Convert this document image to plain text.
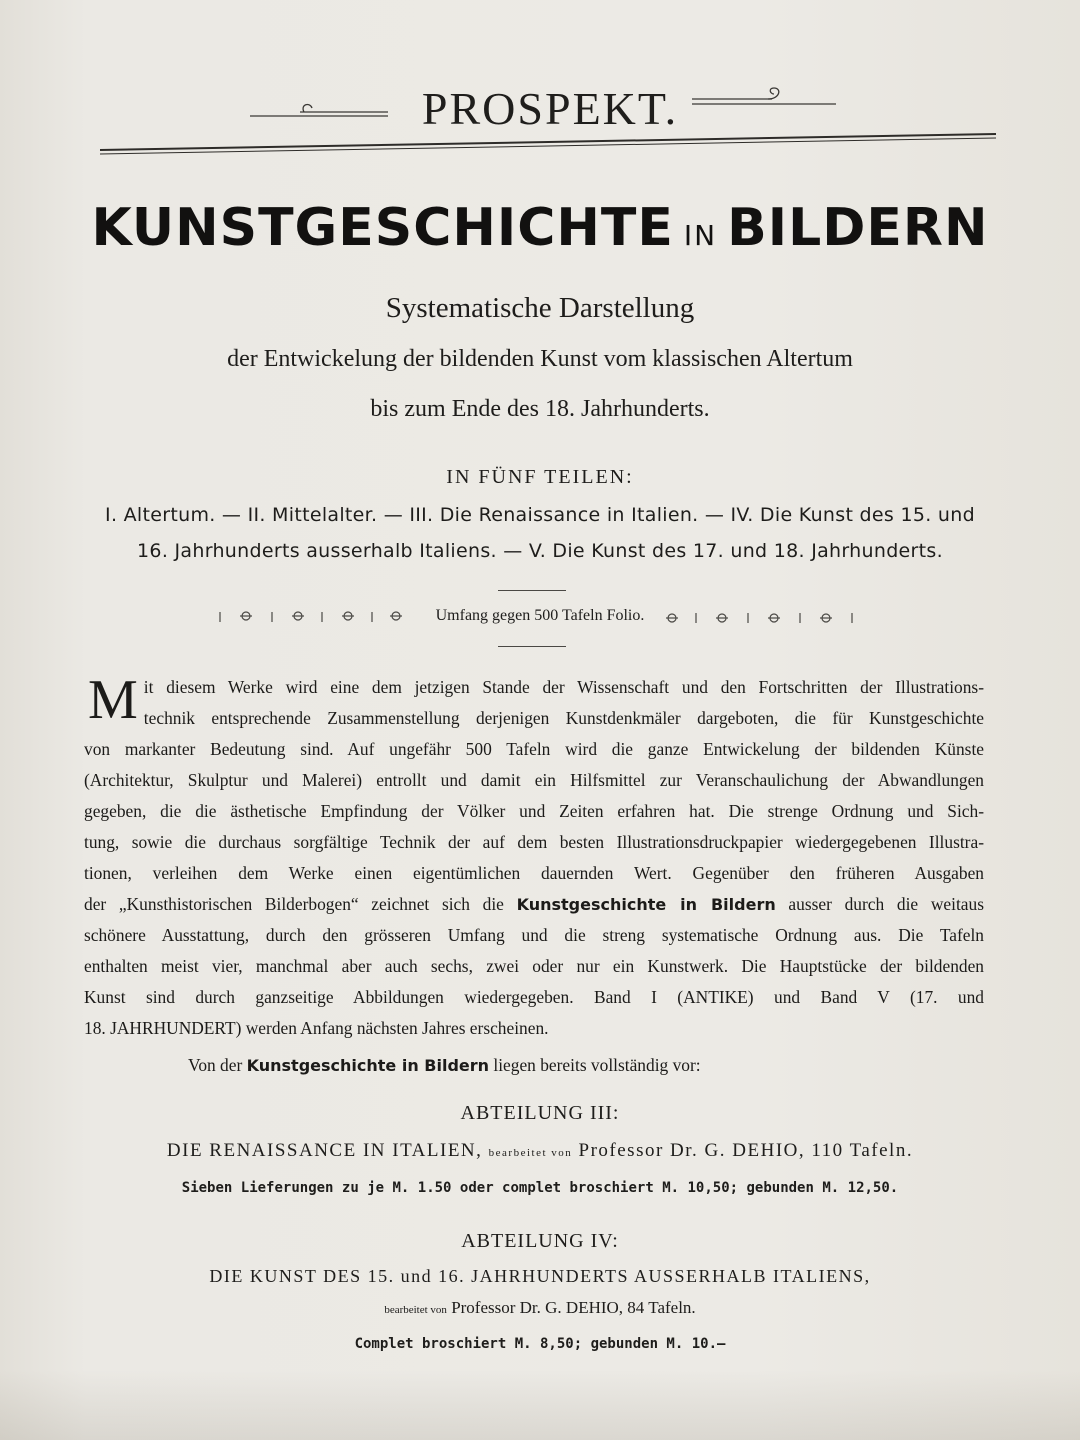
PROSPEKT.
KUNSTGESCHICHTE IN BILDERN
Systematische Darstellung
der Entwickelung der bildenden Kunst vom klassischen Altertum
bis zum Ende des 18. Jahrhunderts.
IN FÜNF TEILEN:
I. Altertum. — II. Mittelalter. — III. Die Renaissance in Italien. — IV. Die Kunst des 15. und
16. Jahrhunderts ausserhalb Italiens. — V. Die Kunst des 17. und 18. Jahrhunderts.
Umfang gegen 500 Tafeln Folio.
M it diesem Werke wird eine dem jetzigen Stande der Wissenschaft und den Fortschritten der Illustrations-
technik entsprechende Zusammenstellung derjenigen Kunstdenkmäler dargeboten, die für Kunstgeschichte
von markanter Bedeutung sind. Auf ungefähr 500 Tafeln wird die ganze Entwickelung der bildenden Künste
(Architektur, Skulptur und Malerei) entrollt und damit ein Hilfsmittel zur Veranschaulichung der Abwandlungen
gegeben, die die ästhetische Empfindung der Völker und Zeiten erfahren hat. Die strenge Ordnung und Sich-
tung, sowie die durchaus sorgfältige Technik der auf dem besten Illustrationsdruckpapier wiedergegebenen Illustra-
tionen, verleihen dem Werke einen eigentümlichen dauernden Wert. Gegenüber den früheren Ausgaben
der „Kunsthistorischen Bilderbogen“ zeichnet sich die Kunstgeschichte in Bildern ausser durch die weitaus
schönere Ausstattung, durch den grösseren Umfang und die streng systematische Ordnung aus. Die Tafeln
enthalten meist vier, manchmal aber auch sechs, zwei oder nur ein Kunstwerk. Die Hauptstücke der bildenden
Kunst sind durch ganzseitige Abbildungen wiedergegeben. Band I (ANTIKE) und Band V (17. und
18. JAHRHUNDERT) werden Anfang nächsten Jahres erscheinen.
Von der Kunstgeschichte in Bildern liegen bereits vollständig vor:
ABTEILUNG III:
DIE RENAISSANCE IN ITALIEN, bearbeitet von Professor Dr. G. DEHIO, 110 Tafeln.
Sieben Lieferungen zu je M. 1.50 oder complet broschiert M. 10,50; gebunden M. 12,50.
ABTEILUNG IV:
DIE KUNST DES 15. und 16. JAHRHUNDERTS AUSSERHALB ITALIENS,
bearbeitet von Professor Dr. G. DEHIO, 84 Tafeln.
Complet broschiert M. 8,50; gebunden M. 10.—
